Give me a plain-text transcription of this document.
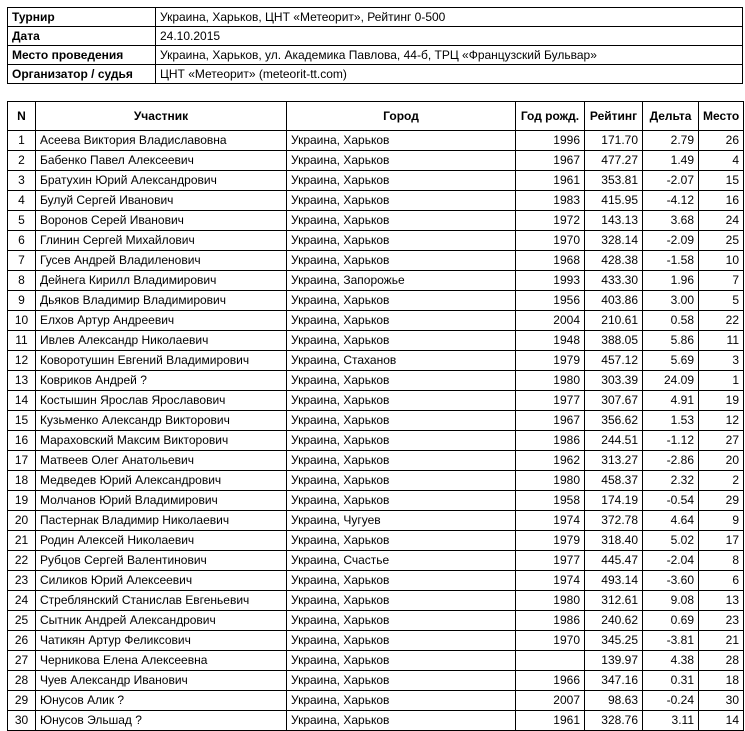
Турнир	Украина, Харьков, ЦНТ «Метеорит», Рейтинг 0-500
Дата	24.10.2015
Место проведения	Украина, Харьков, ул. Академика Павлова, 44-б, ТРЦ «Французский Бульвар»
Организатор / судья	ЦНТ «Метеорит» (meteorit-tt.com)
N	Участник	Город	Год рожд.	Рейтинг	Дельта	Место
1	Асеева Виктория Владиславовна	Украина, Харьков	1996	171.70	2.79	26
2	Бабенко Павел Алексеевич	Украина, Харьков	1967	477.27	1.49	4
3	Братухин Юрий Александрович	Украина, Харьков	1961	353.81	-2.07	15
4	Булуй Сергей Иванович	Украина, Харьков	1983	415.95	-4.12	16
5	Воронов Серей Иванович	Украина, Харьков	1972	143.13	3.68	24
6	Глинин Сергей Михайлович	Украина, Харьков	1970	328.14	-2.09	25
7	Гусев Андрей Владиленович	Украина, Харьков	1968	428.38	-1.58	10
8	Дейнега Кирилл Владимирович	Украина, Запорожье	1993	433.30	1.96	7
9	Дьяков Владимир Владимирович	Украина, Харьков	1956	403.86	3.00	5
10	Елхов Артур Андреевич	Украина, Харьков	2004	210.61	0.58	22
11	Ивлев Александр Николаевич	Украина, Харьков	1948	388.05	5.86	11
12	Коворотушин Евгений Владимирович	Украина, Стаханов	1979	457.12	5.69	3
13	Ковриков Андрей ?	Украина, Харьков	1980	303.39	24.09	1
14	Костышин Ярослав Ярославович	Украина, Харьков	1977	307.67	4.91	19
15	Кузьменко Александр Викторович	Украина, Харьков	1967	356.62	1.53	12
16	Мараховский Максим Викторович	Украина, Харьков	1986	244.51	-1.12	27
17	Матвеев Олег Анатольевич	Украина, Харьков	1962	313.27	-2.86	20
18	Медведев Юрий Александрович	Украина, Харьков	1980	458.37	2.32	2
19	Молчанов Юрий Владимирович	Украина, Харьков	1958	174.19	-0.54	29
20	Пастернак Владимир Николаевич	Украина, Чугуев	1974	372.78	4.64	9
21	Родин Алексей Николаевич	Украина, Харьков	1979	318.40	5.02	17
22	Рубцов Сергей Валентинович	Украина, Счастье	1977	445.47	-2.04	8
23	Силиков Юрий Алексеевич	Украина, Харьков	1974	493.14	-3.60	6
24	Стреблянский Станислав Евгеньевич	Украина, Харьков	1980	312.61	9.08	13
25	Сытник Андрей Александрович	Украина, Харьков	1986	240.62	0.69	23
26	Чатикян Артур Феликсович	Украина, Харьков	1970	345.25	-3.81	21
27	Черникова Елена Алексеевна	Украина, Харьков		139.97	4.38	28
28	Чуев Александр Иванович	Украина, Харьков	1966	347.16	0.31	18
29	Юнусов Алик ?	Украина, Харьков	2007	98.63	-0.24	30
30	Юнусов Эльшад ?	Украина, Харьков	1961	328.76	3.11	14
